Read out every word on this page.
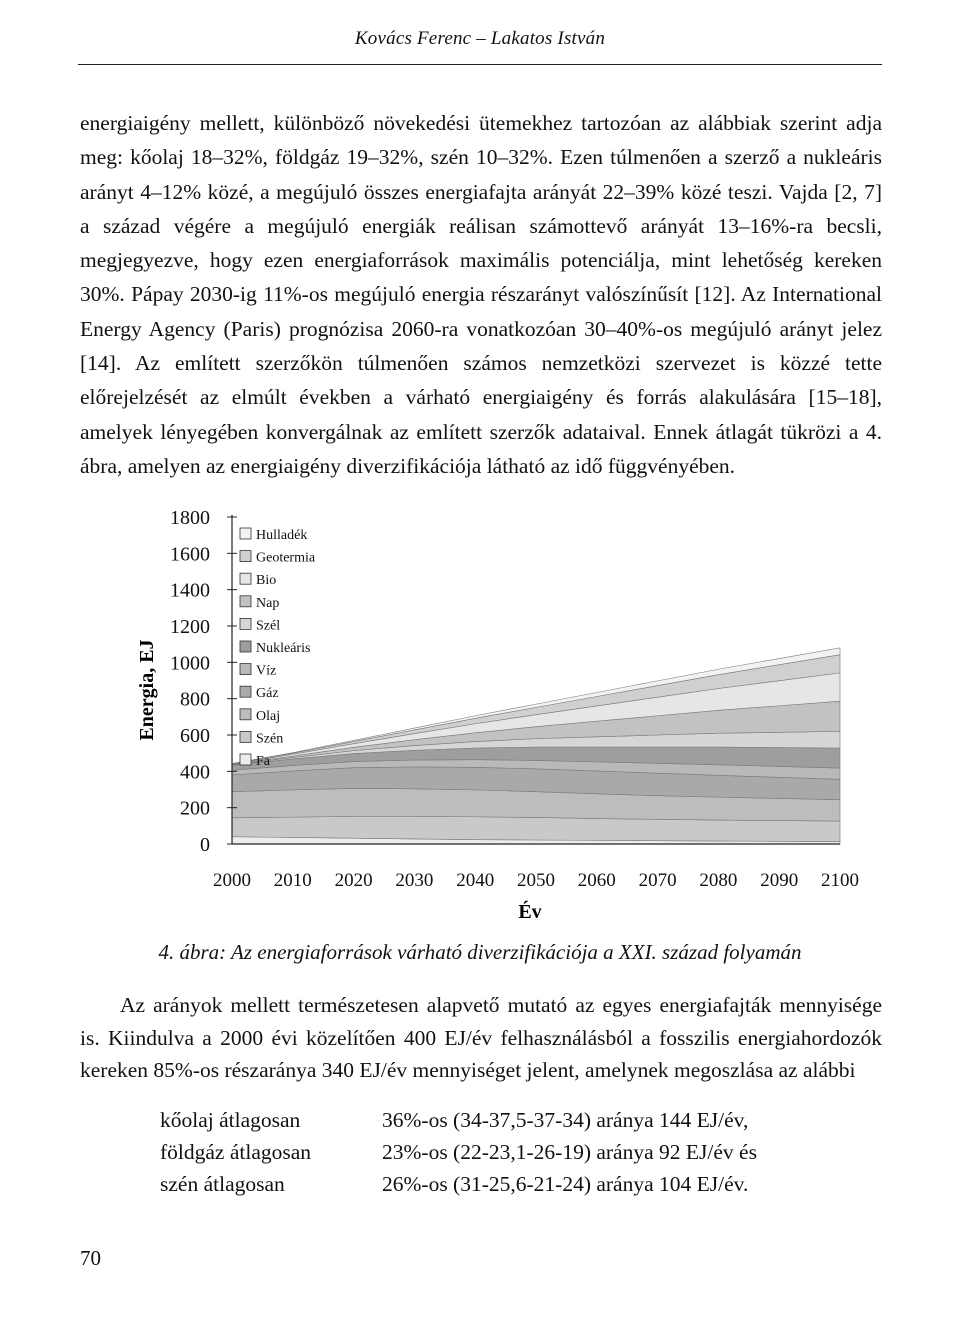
Kovács Ferenc – Lakatos István

energiaigény mellett, különböző növekedési ütemekhez tartozóan az alábbiak szerint adja meg: kőolaj 18–32%, földgáz 19–32%, szén 10–32%. Ezen túlmenően a szerző a nukleáris arányt 4–12% közé, a megújuló összes energiafajta arányát 22–39% közé teszi. Vajda [2, 7] a század végére a megújuló energiák reálisan számottevő arányát 13–16%-ra becsli, megjegyezve, hogy ezen energiaforrások maximális potenciálja, mint lehetőség kereken 30%. Pápay 2030-ig 11%-os megújuló energia részarányt valószínűsít [12]. Az International Energy Agency (Paris) prognózisa 2060-ra vonatkozóan 30–40%-os megújuló arányt jelez [14]. Az említett szerzőkön túlmenően számos nemzetközi szervezet is közzé tette előrejelzését az elmúlt években a várható energiaigény és forrás alakulására [15–18], amelyek lényegében konvergálnak az említett szerzők adataival. Ennek átlagát tükrözi a 4. ábra, amelyen az energiaigény diverzifikációja látható az idő függvényében.

0
200
400
600
800
1000
1200
1400
1600
1800
2000 2010 2020 2030 2040 2050 2060 2070 2080 2090 2100
Energia, EJ
Év
Hulladék
Geotermia
Bio
Nap
Szél
Nukleáris
Víz
Gáz
Olaj
Szén
Fa
4. ábra: Az energiaforrások várható diverzifikációja a XXI. század folyamán

Az arányok mellett természetesen alapvető mutató az egyes energiafajták mennyisége is. Kiindulva a 2000 évi közelítően 400 EJ/év felhasználásból a fosszilis energiahordozók kereken 85%-os részaránya 340 EJ/év mennyiséget jelent, amelynek megoszlása az alábbi

kőolaj átlagosan	36%-os (34-37,5-37-34) aránya 144 EJ/év,
földgáz átlagosan	23%-os (22-23,1-26-19) aránya 92 EJ/év és
szén átlagosan	26%-os (31-25,6-21-24) aránya 104 EJ/év.
70
